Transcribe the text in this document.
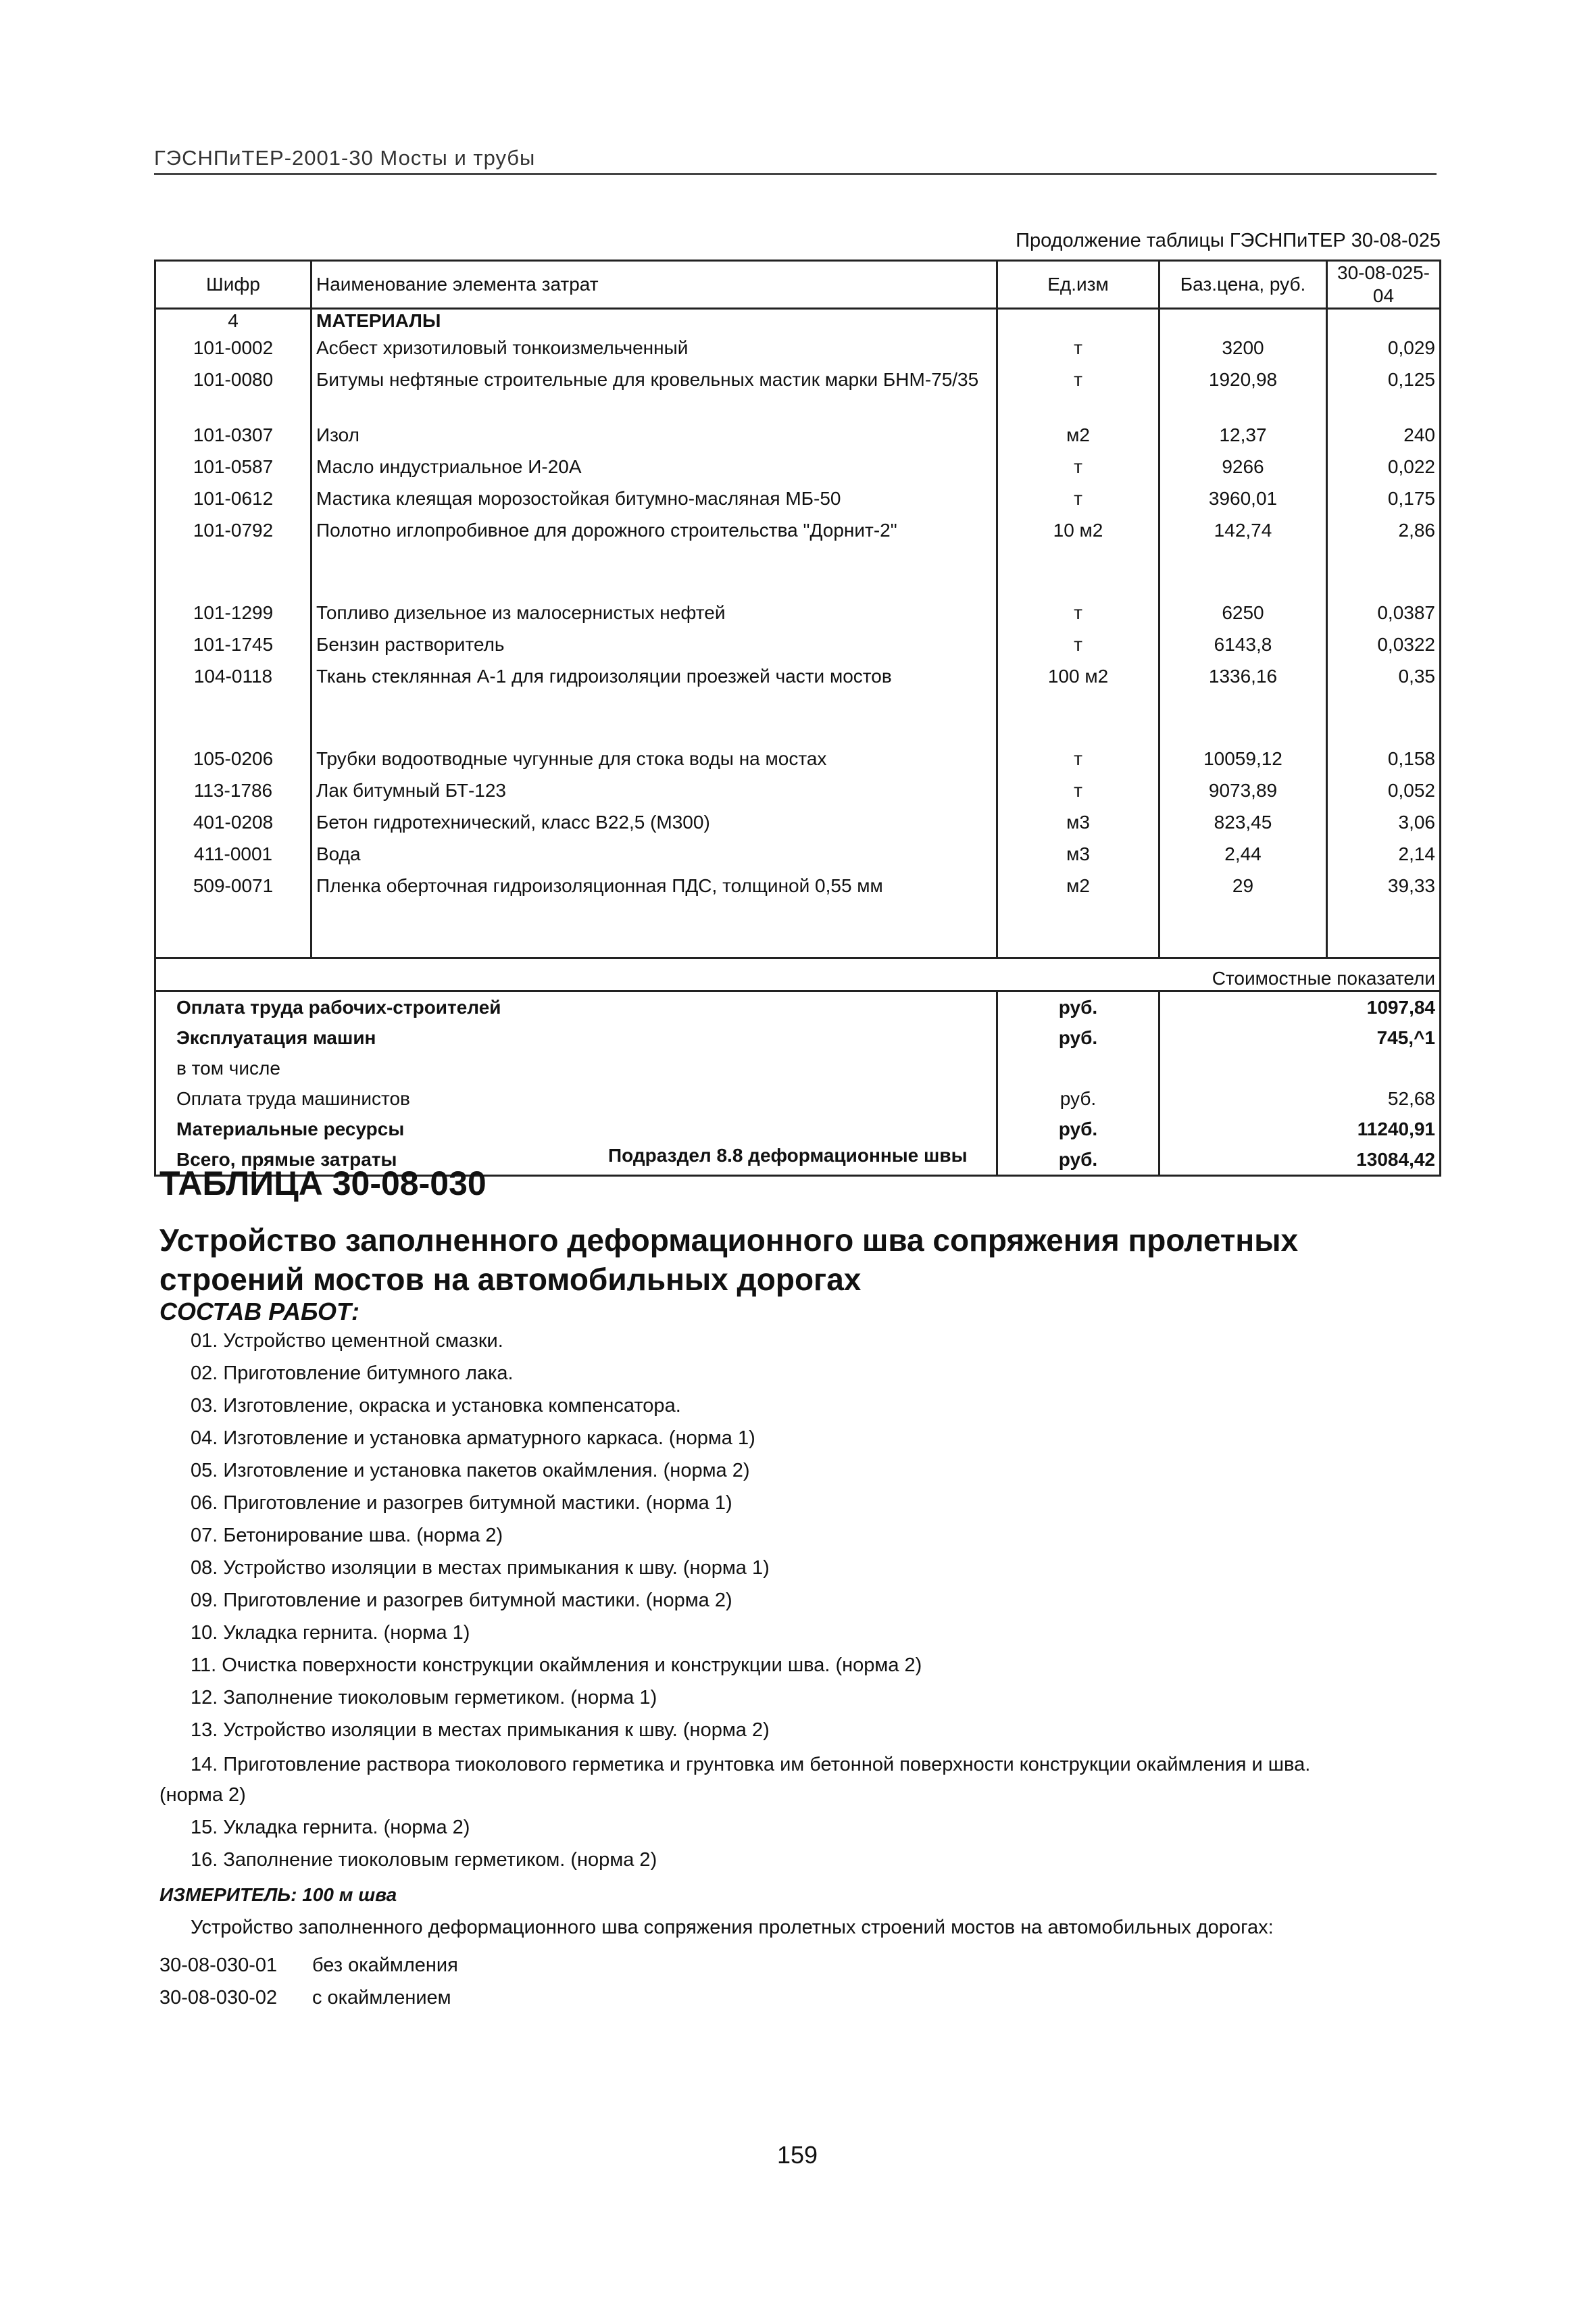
ГЭСНПиТЕР-2001-30 Мосты и трубы
Продолжение таблицы ГЭСНПиТЕР 30-08-025
Шифр	Наименование элемента затрат	Ед.изм	Баз.цена, руб.	30-08-025-04
4	МАТЕРИАЛЫ			
101-0002	Асбест хризотиловый тонкоизмельченный	т	3200	0,029
101-0080	Битумы нефтяные строительные для кровельных мастик марки БНМ-75/35	т	1920,98	0,125
101-0307	Изол	м2	12,37	240
101-0587	Масло индустриальное И-20А	т	9266	0,022
101-0612	Мастика клеящая морозостойкая битумно-масляная МБ-50	т	3960,01	0,175
101-0792	Полотно иглопробивное для дорожного строительства "Дорнит-2"	10 м2	142,74	2,86

101-1299	Топливо дизельное из малосернистых нефтей	т	6250	0,0387
101-1745	Бензин растворитель	т	6143,8	0,0322
104-0118	Ткань стеклянная А-1 для гидроизоляции проезжей части мостов	100 м2	1336,16	0,35

105-0206	Трубки водоотводные чугунные для стока воды на мостах	т	10059,12	0,158
113-1786	Лак битумный БТ-123	т	9073,89	0,052
401-0208	Бетон гидротехнический, класс В22,5 (М300)	м3	823,45	3,06
411-0001	Вода	м3	2,44	2,14
509-0071	Пленка оберточная гидроизоляционная ПДС, толщиной 0,55 мм	м2	29	39,33

Стоимостные показатели				
Оплата труда рабочих-строителей		руб.		1097,84
Эксплуатация машин		руб.		745,^1
в том числе				
Оплата труда машинистов		руб.		52,68
Материальные ресурсы		руб.		11240,91
Всего, прямые затраты		руб.		13084,42
Подраздел 8.8 деформационные швы
ТАБЛИЦА 30-08-030
Устройство заполненного деформационного шва сопряжения пролетных строений мостов на автомобильных дорогах
СОСТАВ РАБОТ:
01. Устройство цементной смазки.
02. Приготовление битумного лака.
03. Изготовление, окраска и установка компенсатора.
04. Изготовление и установка арматурного каркаса. (норма 1)
05. Изготовление и установка пакетов окаймления. (норма 2)
06. Приготовление и разогрев битумной мастики. (норма 1)
07. Бетонирование шва. (норма 2)
08. Устройство изоляции в местах примыкания к шву. (норма 1)
09. Приготовление и разогрев битумной мастики. (норма 2)
10. Укладка гернита. (норма 1)
11. Очистка поверхности конструкции окаймления и конструкции шва. (норма 2)
12. Заполнение тиоколовым герметиком. (норма 1)
13. Устройство изоляции в местах примыкания к шву. (норма 2)
14. Приготовление раствора тиоколового герметика и грунтовка им бетонной поверхности конструкции окаймления и шва.
(норма 2)
15. Укладка гернита. (норма 2)
16. Заполнение тиоколовым герметиком. (норма 2)
ИЗМЕРИТЕЛЬ: 100 м шва
Устройство заполненного деформационного шва сопряжения пролетных строений мостов на автомобильных дорогах:
30-08-030-01 без окаймления
30-08-030-02 с окаймлением
159
